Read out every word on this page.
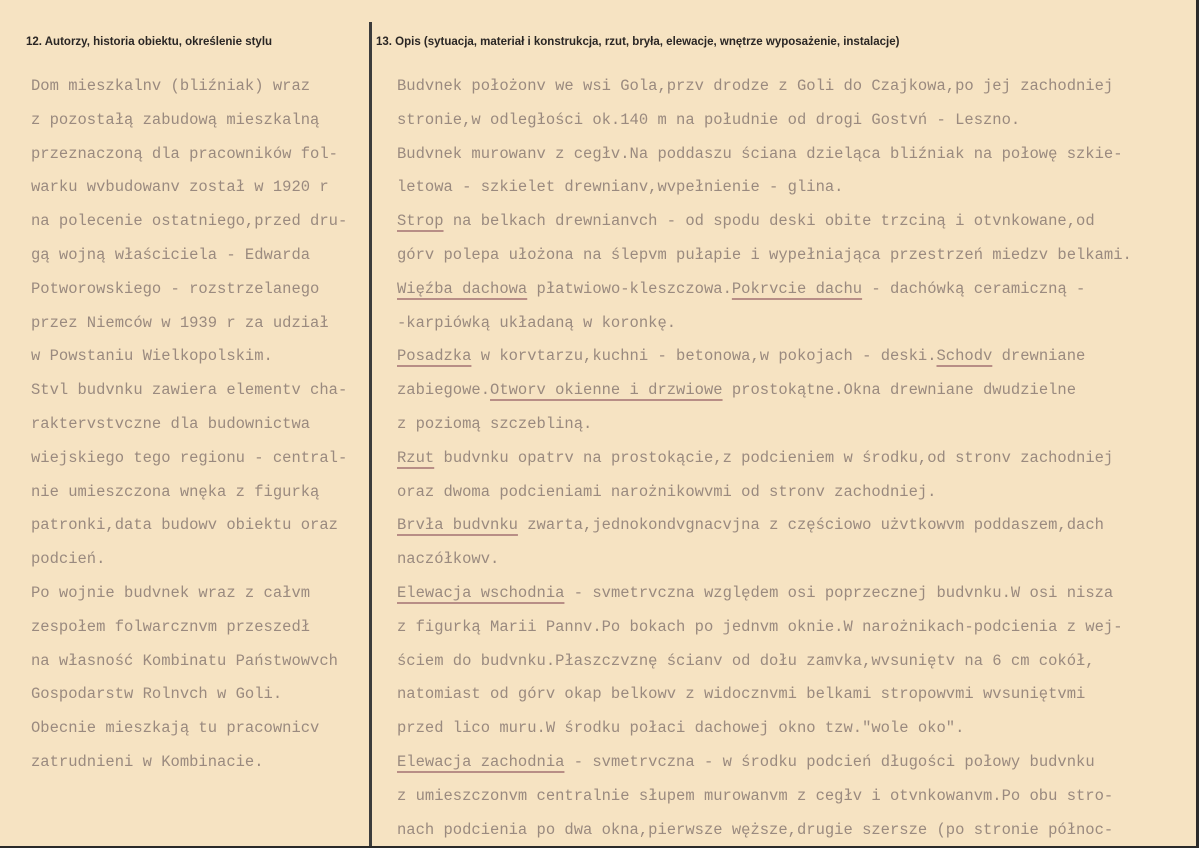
12. Autorzy, historia obiektu, określenie stylu	13. Opis (sytuacja, materiał i konstrukcja, rzut, bryła, elewacje, wnętrze wyposażenie, instalacje)
Dom mieszkalnv (bliźniak) wraz
z pozostałą zabudową mieszkalną
przeznaczoną dla pracowników fol-
warku wvbudowanv został w 1920 r
na polecenie ostatniego,przed dru-
gą wojną właściciela - Edwarda
Potworowskiego - rozstrzelanego
przez Niemców w 1939 r za udział
w Powstaniu Wielkopolskim.
Stvl budvnku zawiera elementv cha-
raktervstvczne dla budownictwa
wiejskiego tego regionu - central-
nie umieszczona wnęka z figurką
patronki,data budowv obiektu oraz
podcień.
Po wojnie budvnek wraz z całvm
zespołem folwarcznvm przeszedł
na własność Kombinatu Państwowvch
Gospodarstw Rolnvch w Goli.
Obecnie mieszkają tu pracownicv
zatrudnieni w Kombinacie.
Budvnek położonv we wsi Gola,przv drodze z Goli do Czajkowa,po jej zachodniej
stronie,w odległości ok.140 m na południe od drogi Gostvń - Leszno.
Budvnek murowanv z cegłv.Na poddaszu ściana dzieląca bliźniak na połowę szkie-
letowa - szkielet drewnianv,wvpełnienie - glina.
Strop na belkach drewnianvch - od spodu deski obite trzciną i otvnkowane,od
górv polepa ułożona na ślepvm pułapie i wypełniająca przestrzeń miedzv belkami.
Więźba dachowa płatwiowo-kleszczowa.Pokrvcie dachu - dachówką ceramiczną -
-karpiówką układaną w koronkę.
Posadzka w korvtarzu,kuchni - betonowa,w pokojach - deski.Schodv drewniane
zabiegowe.Otworv okienne i drzwiowe prostokątne.Okna drewniane dwudzielne
z poziomą szczebliną.
Rzut budvnku opatrv na prostokącie,z podcieniem w środku,od stronv zachodniej
oraz dwoma podcieniami narożnikowvmi od stronv zachodniej.
Brvła budvnku zwarta,jednokondvgnacvjna z częściowo użvtkowvm poddaszem,dach
naczółkowv.
Elewacja wschodnia - svmetrvczna względem osi poprzecznej budvnku.W osi nisza
z figurką Marii Pannv.Po bokach po jednvm oknie.W narożnikach-podcienia z wej-
ściem do budvnku.Płaszczvznę ścianv od dołu zamvka,wvsuniętv na 6 cm cokół,
natomiast od górv okap belkowv z widocznvmi belkami stropowvmi wvsuniętvmi
przed lico muru.W środku połaci dachowej okno tzw."wole oko".
Elewacja zachodnia - svmetrvczna - w środku podcień długości połowy budvnku
z umieszczonvm centralnie słupem murowanvm z cegłv i otvnkowanvm.Po obu stro-
nach podcienia po dwa okna,pierwsze węższe,drugie szersze (po stronie północ-
